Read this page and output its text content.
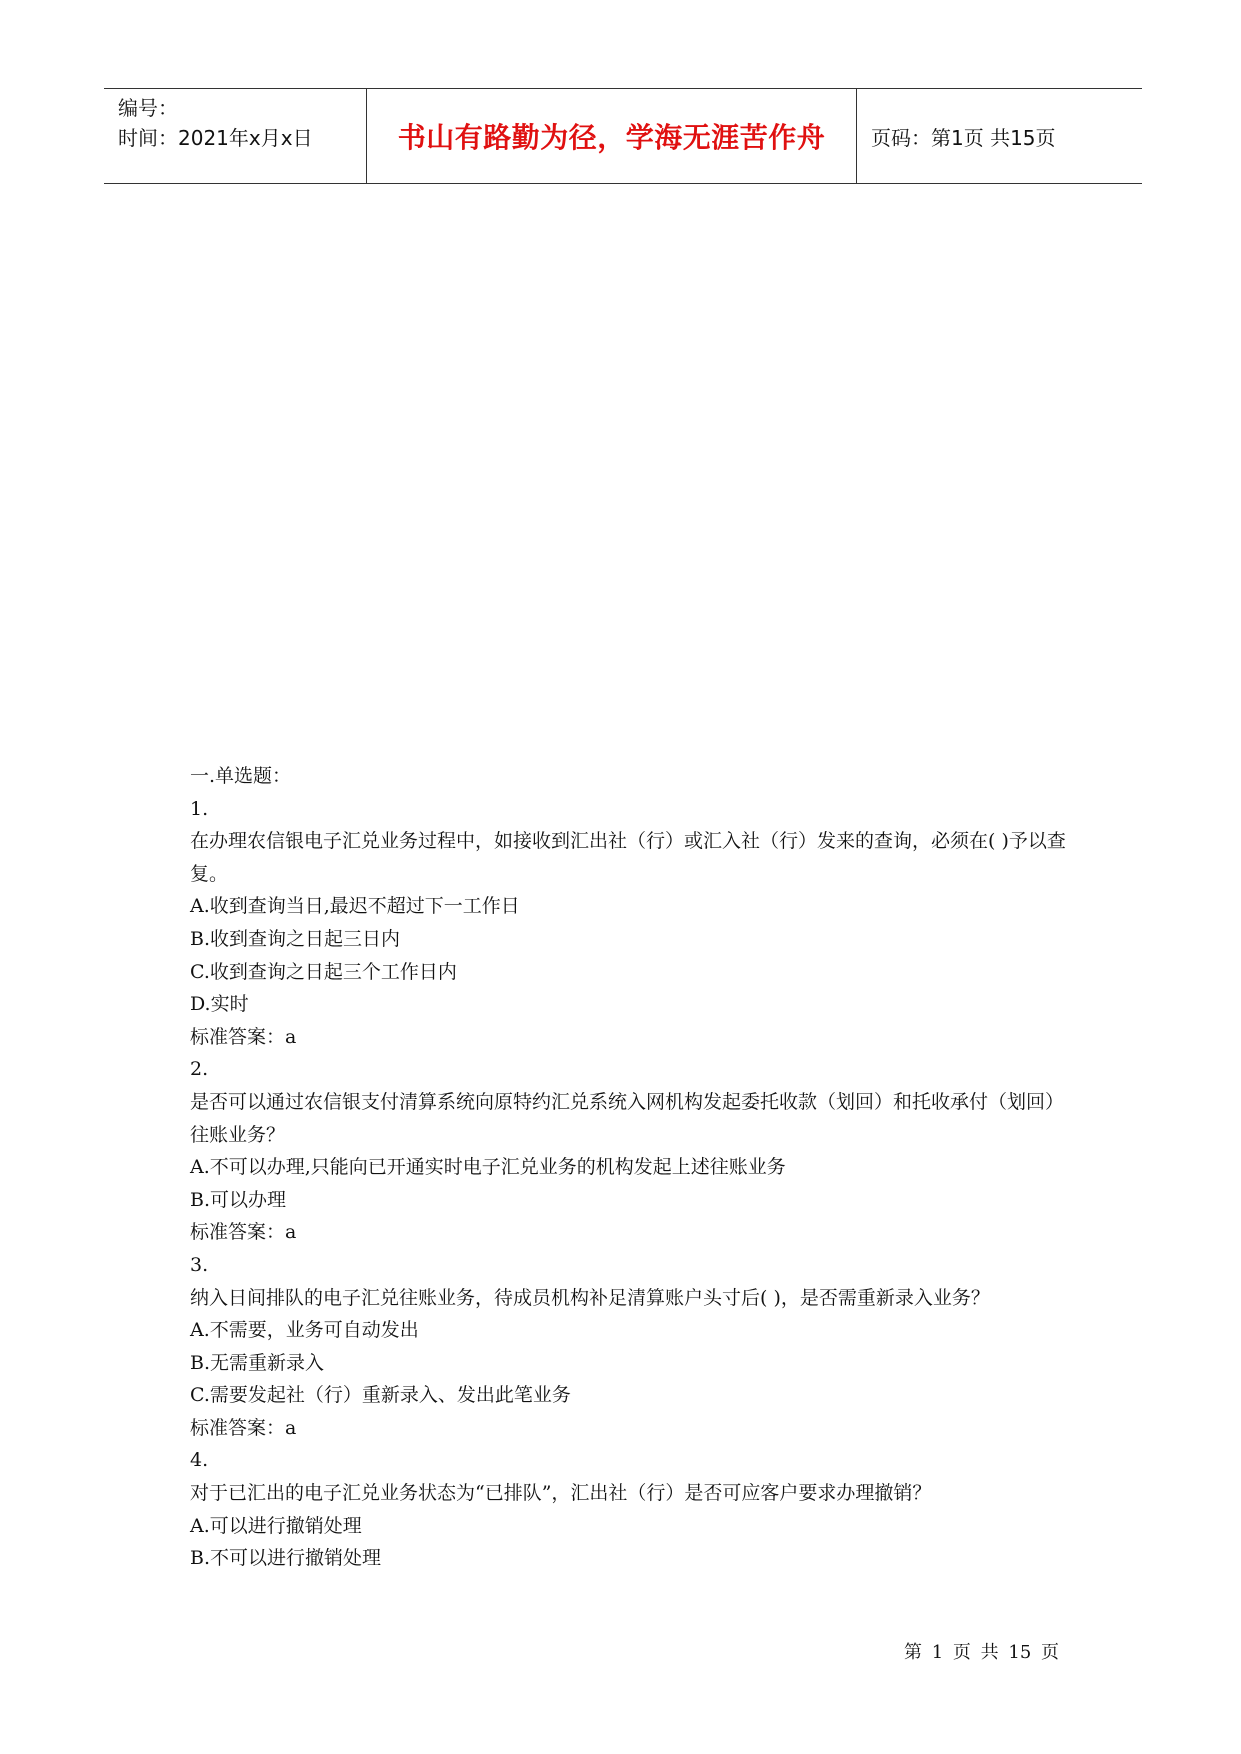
编号：
时间：2021年x月x日	书山有路勤为径，学海无涯苦作舟 页码：第1页 共15页
一.单选题：
1.
在办理农信银电子汇兑业务过程中，如接收到汇出社（行）或汇入社（行）发来的查询，必须在( )予以查复。
A.收到查询当日,最迟不超过下一工作日
B.收到查询之日起三日内
C.收到查询之日起三个工作日内
D.实时
标准答案：a
2.
是否可以通过农信银支付清算系统向原特约汇兑系统入网机构发起委托收款（划回）和托收承付（划回）往账业务？
A.不可以办理,只能向已开通实时电子汇兑业务的机构发起上述往账业务
B.可以办理
标准答案：a
3.
纳入日间排队的电子汇兑往账业务，待成员机构补足清算账户头寸后( )，是否需重新录入业务？
A.不需要，业务可自动发出
B.无需重新录入
C.需要发起社（行）重新录入、发出此笔业务
标准答案：a
4.
对于已汇出的电子汇兑业务状态为“已排队”，汇出社（行）是否可应客户要求办理撤销？
A.可以进行撤销处理
B.不可以进行撤销处理
第 1 页 共 15 页
